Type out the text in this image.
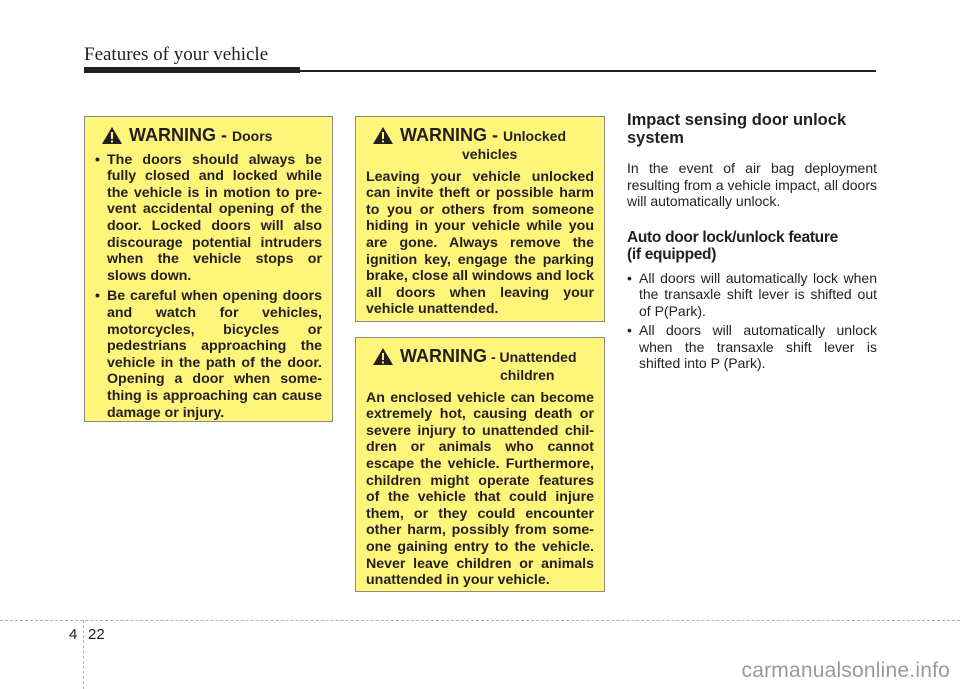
Features of your vehicle
WARNING - Doors
• The doors should always be fully closed and locked while the vehicle is in motion to pre- vent accidental opening of the door. Locked doors will also discourage potential intruders when the vehicle stops or slows down.
• Be careful when opening doors and watch for vehicles, motorcycles, bicycles or pedestrians approaching the vehicle in the path of the door. Opening a door when some- thing is approaching can cause damage or injury.
WARNING - Unlocked
vehicles
Leaving your vehicle unlocked can invite theft or possible harm to you or others from someone hiding in your vehicle while you are gone. Always remove the ignition key, engage the parking brake, close all windows and lock all doors when leaving your vehicle unattended.
WARNING - Unattended
children
An enclosed vehicle can become extremely hot, causing death or severe injury to unattended chil- dren or animals who cannot escape the vehicle. Furthermore, children might operate features of the vehicle that could injure them, or they could encounter other harm, possibly from some- one gaining entry to the vehicle. Never leave children or animals unattended in your vehicle.
Impact sensing door unlock system

In the event of air bag deployment resulting from a vehicle impact, all doors will automatically unlock.

Auto door lock/unlock feature
(if equipped)
• All doors will automatically lock when the transaxle shift lever is shifted out of P(Park).
• All doors will automatically unlock when the transaxle shift lever is shifted into P (Park).
4 22
carmanualsonline.info
